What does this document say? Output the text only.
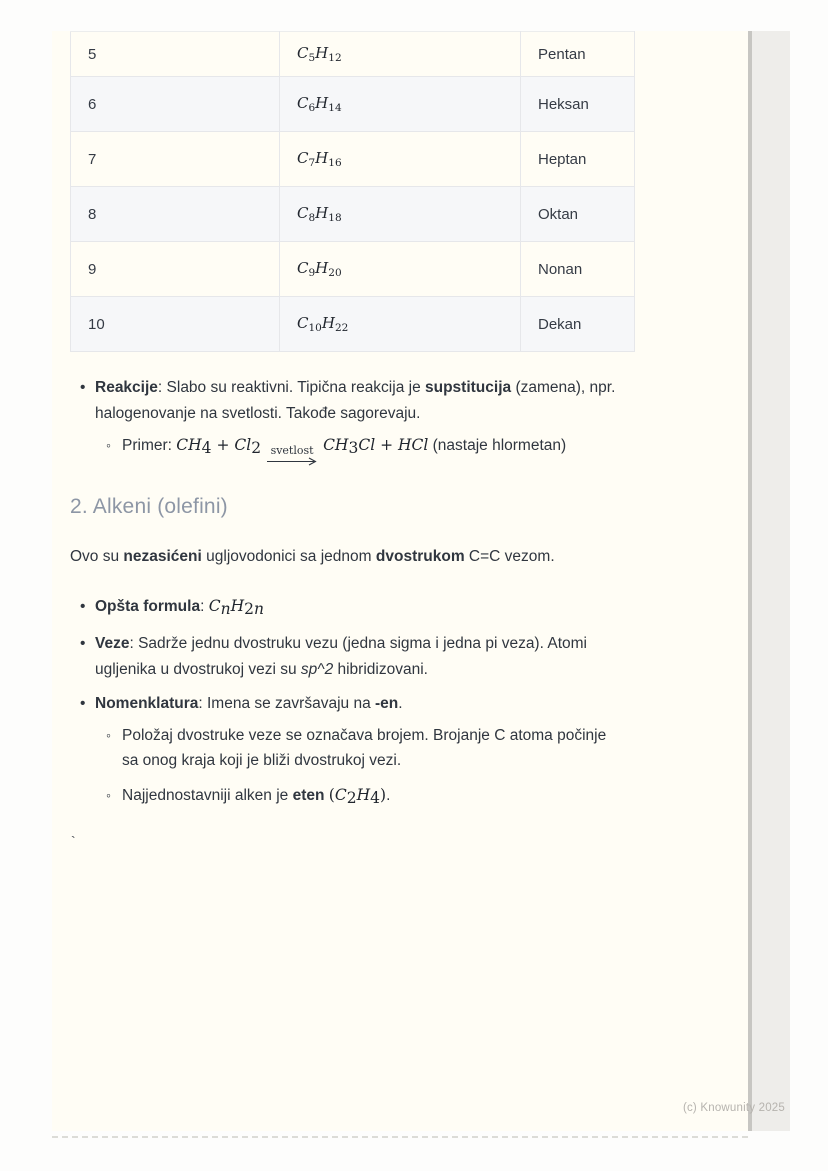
5	$C_5H_{12}$	Pentan
6	$C_6H_{14}$	Heksan
7	$C_7H_{16}$	Heptan
8	$C_8H_{18}$	Oktan
9	$C_9H_{20}$	Nonan
10	$C_{10}H_{22}$	Dekan
• Reakcije: Slabo su reaktivni. Tipična reakcija je supstitucija (zamena), npr.
halogenovanje na svetlosti. Takođe sagorevaju.
◦ Primer: CH4 + Cl2 svetlost CH3Cl + HCl (nastaje hlormetan)
2. Alkeni (olefini)

Ovo su nezasićeni ugljovodonici sa jednom dvostrukom C=C vezom.

• Opšta formula: CnH2n
• Veze: Sadrže jednu dvostruku vezu (jedna sigma i jedna pi veza). Atomi
ugljenika u dvostrukoj vezi su sp^2 hibridizovani.
• Nomenklatura: Imena se završavaju na -en.
◦ Položaj dvostruke veze se označava brojem. Brojanje C atoma počinje
sa onog kraja koji je bliži dvostrukoj vezi.
◦ Najjednostavniji alken je eten (C2H4).
`
(c) Knowunity 2025
